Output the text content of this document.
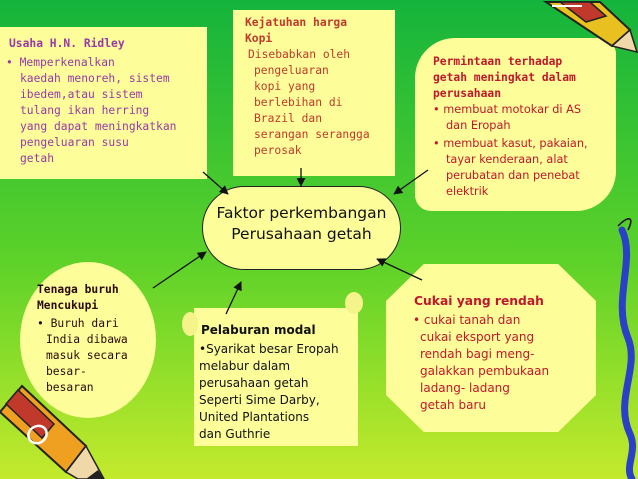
Usaha H.N. Ridley
• Memperkenalkan
kaedah menoreh, sistem
ibedem,atau sistem
tulang ikan herring
yang dapat meningkatkan
pengeluaran susu
getah
Kejatuhan harga
Kopi
Disebabkan oleh
pengeluaran
kopi yang
berlebihan di
Brazil dan
serangan serangga
perosak
Permintaan terhadap
getah meningkat dalam
perusahaan
• membuat motokar di AS
dan Eropah
• membuat kasut, pakaian,
tayar kenderaan, alat
perubatan dan penebat
elektrik
Faktor perkembangan
Perusahaan getah
Tenaga buruh
Mencukupi
• Buruh dari
India dibawa
masuk secara
besar-
besaran
Pelaburan modal
•Syarikat besar Eropah
melabur dalam
perusahaan getah
Seperti Sime Darby,
United Plantations
dan Guthrie
Cukai yang rendah
• cukai tanah dan
cukai eksport yang
rendah bagi meng-
galakkan pembukaan
ladang- ladang
getah baru
